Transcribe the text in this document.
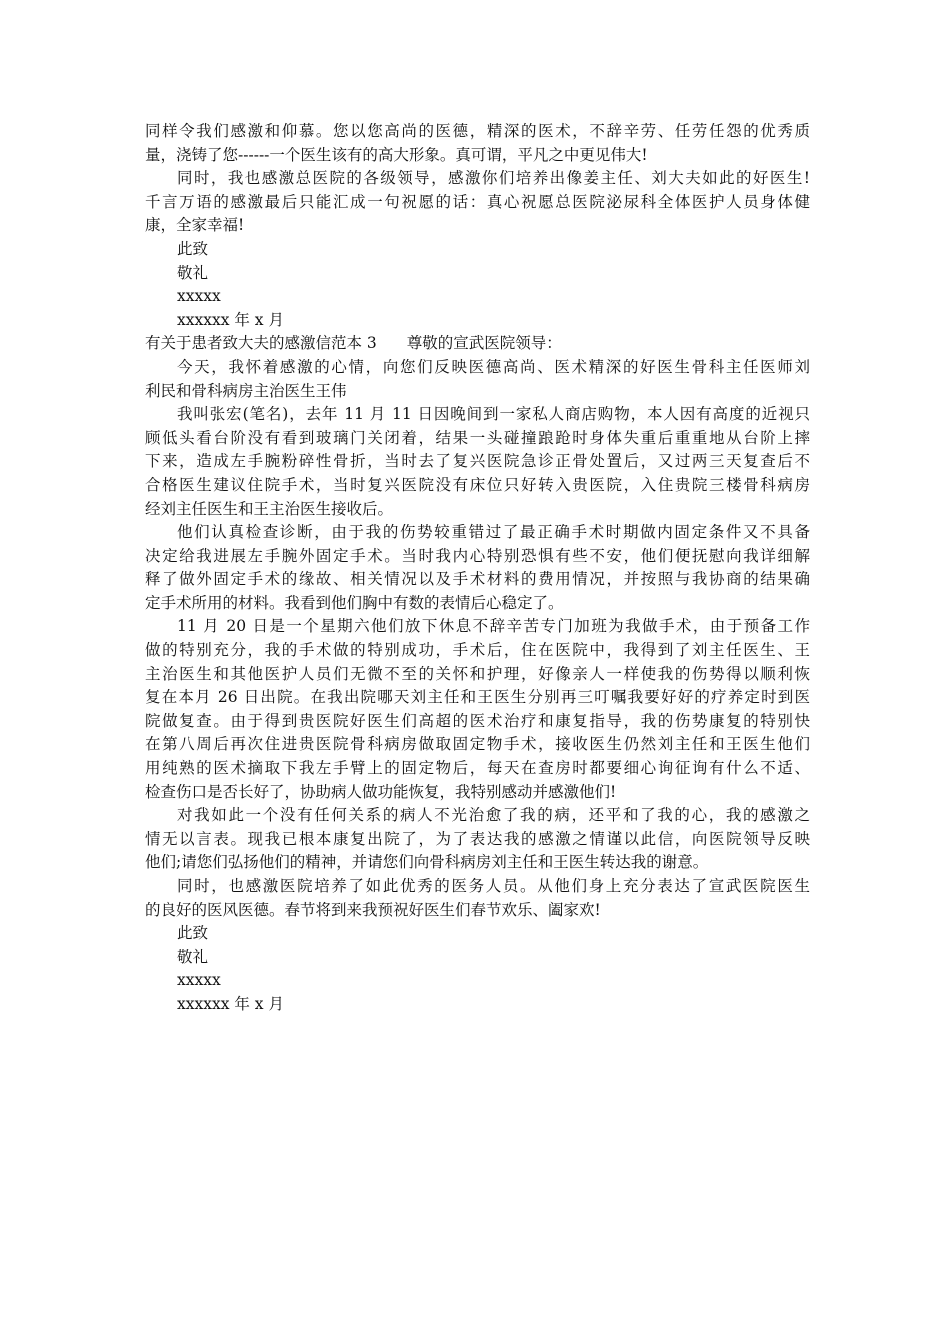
同样令我们感激和仰慕。您以您高尚的医德，精深的医术，不辞辛劳、任劳任怨的优秀质
量，浇铸了您------一个医生该有的高大形象。真可谓，平凡之中更见伟大!
同时，我也感激总医院的各级领导，感激你们培养出像姜主任、刘大夫如此的好医生!
千言万语的感激最后只能汇成一句祝愿的话：真心祝愿总医院泌尿科全体医护人员身体健
康，全家幸福!
此致
敬礼
xxxxx
xxxxxx 年 x 月
有关于患者致大夫的感激信范本 3 尊敬的宣武医院领导：
今天，我怀着感激的心情，向您们反映医德高尚、医术精深的好医生骨科主任医师刘
利民和骨科病房主治医生王伟
我叫张宏(笔名)，去年 11 月 11 日因晚间到一家私人商店购物，本人因有高度的近视只
顾低头看台阶没有看到玻璃门关闭着，结果一头碰撞踉跄时身体失重后重重地从台阶上摔
下来，造成左手腕粉碎性骨折，当时去了复兴医院急诊正骨处置后，又过两三天复查后不
合格医生建议住院手术，当时复兴医院没有床位只好转入贵医院，入住贵院三楼骨科病房
经刘主任医生和王主治医生接收后。
他们认真检查诊断，由于我的伤势较重错过了最正确手术时期做内固定条件又不具备
决定给我进展左手腕外固定手术。当时我内心特别恐惧有些不安，他们便抚慰向我详细解
释了做外固定手术的缘故、相关情况以及手术材料的费用情况，并按照与我协商的结果确
定手术所用的材料。我看到他们胸中有数的表情后心稳定了。
11 月 20 日是一个星期六他们放下休息不辞辛苦专门加班为我做手术，由于预备工作
做的特别充分，我的手术做的特别成功，手术后，住在医院中，我得到了刘主任医生、王
主治医生和其他医护人员们无微不至的关怀和护理，好像亲人一样使我的伤势得以顺利恢
复在本月 26 日出院。在我出院哪天刘主任和王医生分别再三叮嘱我要好好的疗养定时到医
院做复查。由于得到贵医院好医生们高超的医术治疗和康复指导，我的伤势康复的特别快
在第八周后再次住进贵医院骨科病房做取固定物手术，接收医生仍然刘主任和王医生他们
用纯熟的医术摘取下我左手臂上的固定物后，每天在查房时都要细心询征询有什么不适、
检查伤口是否长好了，协助病人做功能恢复，我特别感动并感激他们!
对我如此一个没有任何关系的病人不光治愈了我的病，还平和了我的心，我的感激之
情无以言表。现我已根本康复出院了，为了表达我的感激之情谨以此信，向医院领导反映
他们;请您们弘扬他们的精神，并请您们向骨科病房刘主任和王医生转达我的谢意。
同时，也感激医院培养了如此优秀的医务人员。从他们身上充分表达了宣武医院医生
的良好的医风医德。春节将到来我预祝好医生们春节欢乐、阖家欢!
此致
敬礼
xxxxx
xxxxxx 年 x 月
